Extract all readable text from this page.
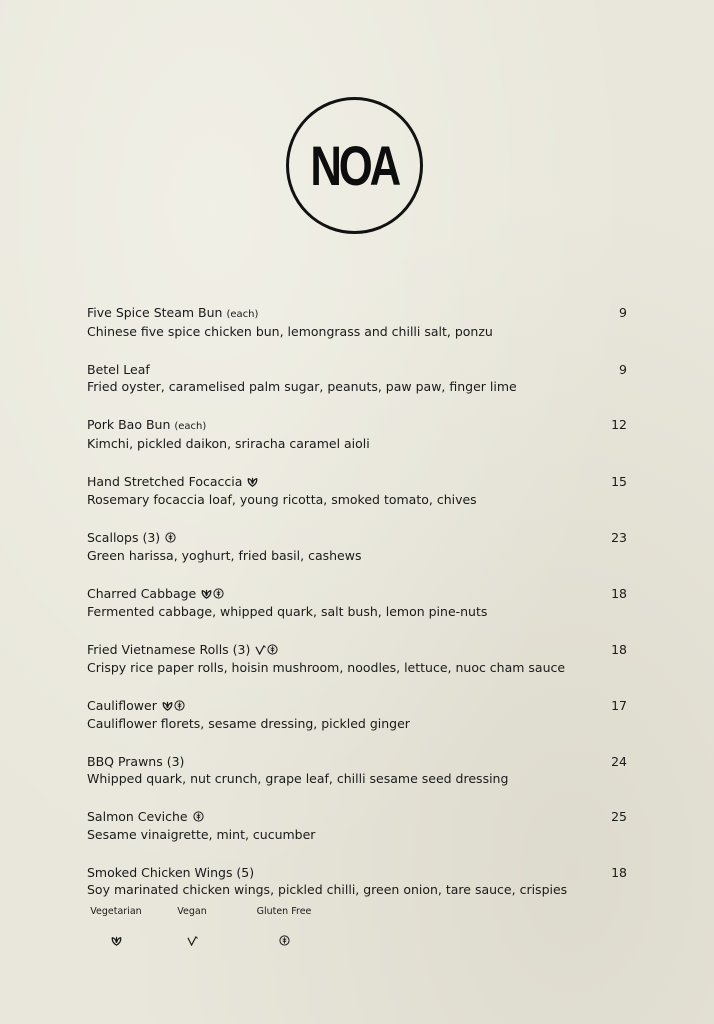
NOA
Five Spice Steam Bun (each)	9
Chinese five spice chicken bun, lemongrass and chilli salt, ponzu
Betel Leaf	9
Fried oyster, caramelised palm sugar, peanuts, paw paw, finger lime
Pork Bao Bun (each)	12
Kimchi, pickled daikon, sriracha caramel aioli
Hand Stretched Focaccia	15
Rosemary focaccia loaf, young ricotta, smoked tomato, chives
Scallops (3)	23
Green harissa, yoghurt, fried basil, cashews
Charred Cabbage	18
Fermented cabbage, whipped quark, salt bush, lemon pine-nuts
Fried Vietnamese Rolls (3)	18
Crispy rice paper rolls, hoisin mushroom, noodles, lettuce, nuoc cham sauce
Cauliflower	17
Cauliflower florets, sesame dressing, pickled ginger
BBQ Prawns (3)	24
Whipped quark, nut crunch, grape leaf, chilli sesame seed dressing
Salmon Ceviche	25
Sesame vinaigrette, mint, cucumber
Smoked Chicken Wings (5)	18
Soy marinated chicken wings, pickled chilli, green onion, tare sauce, crispies
Vegetarian	Vegan	Gluten Free
